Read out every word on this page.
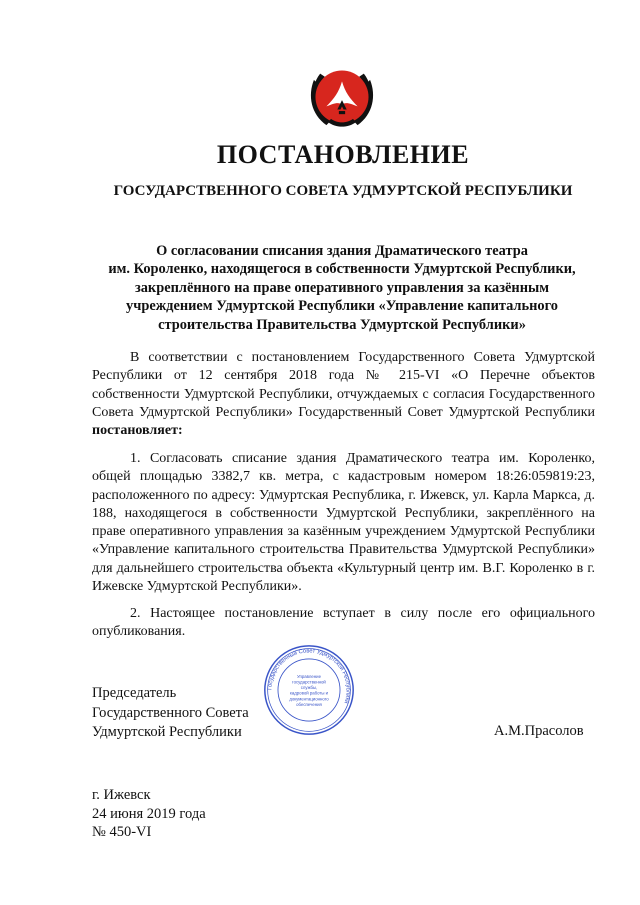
ПОСТАНОВЛЕНИЕ
ГОСУДАРСТВЕННОГО СОВЕТА УДМУРТСКОЙ РЕСПУБЛИКИ
О согласовании списания здания Драматического театра
им. Короленко, находящегося в собственности Удмуртской Республики,
закреплённого на праве оперативного управления за казённым
учреждением Удмуртской Республики «Управление капитального
строительства Правительства Удмуртской Республики»

В соответствии с постановлением Государственного Совета Удмуртской Республики от 12 сентября 2018 года № 215-VI «О Перечне объектов собственности Удмуртской Республики, отчуждаемых с согласия Государственного Совета Удмуртской Республики» Государственный Совет Удмуртской Республики постановляет:

1. Согласовать списание здания Драматического театра им. Короленко, общей площадью 3382,7 кв. метра, с кадастровым номером 18:26:059819:23, расположенного по адресу: Удмуртская Республика, г. Ижевск, ул. Карла Маркса, д. 188, находящегося в собственности Удмуртской Республики, закреплённого на праве оперативного управления за казённым учреждением Удмуртской Республики «Управление капитального строительства Правительства Удмуртской Республики» для дальнейшего строительства объекта «Культурный центр им. В.Г. Короленко в г. Ижевске Удмуртской Республики».

2. Настоящее постановление вступает в силу после его официального опубликования.

Государственный Совет Удмуртской Республики
Управление
государственной
службы,
кадровой работы и
документационного
обеспечения
Председатель
Государственного Совета
Удмуртской Республики	А.М.Прасолов
г. Ижевск
24 июня 2019 года
№ 450-VI
